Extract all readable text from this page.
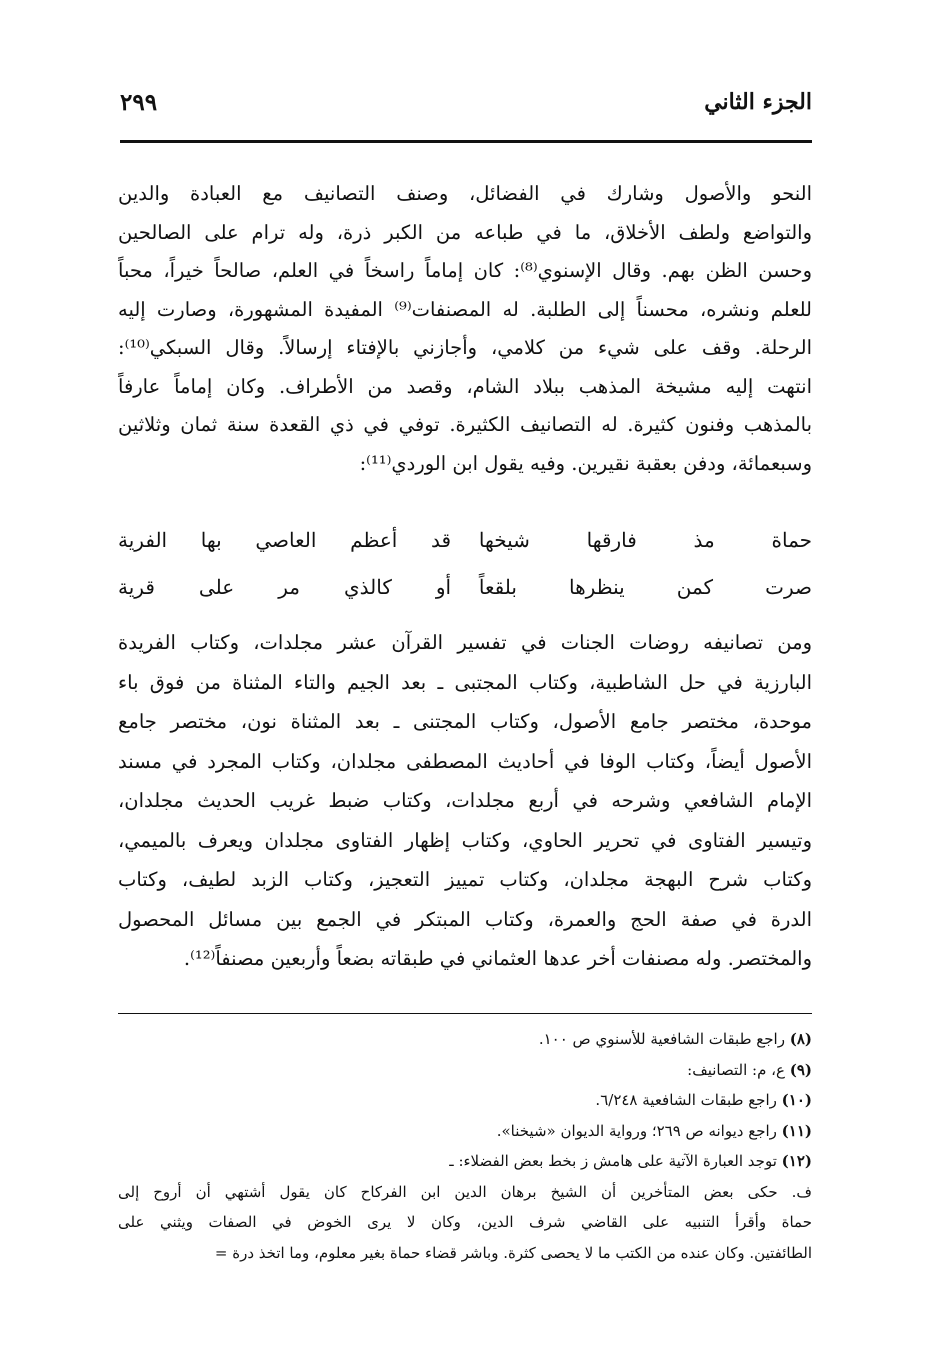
الجزء الثاني
٢٩٩
النحو والأصول وشارك في الفضائل، وصنف التصانيف مع العبادة والدين
والتواضع ولطف الأخلاق، ما في طباعه من الكبر ذرة، وله ترام على الصالحين
وحسن الظن بهم. وقال الإسنوي⁽⁸⁾: كان إماماً راسخاً في العلم، صالحاً خيراً، محباً
للعلم ونشره، محسناً إلى الطلبة. له المصنفات⁽⁹⁾ المفيدة المشهورة، وصارت إليه
الرحلة. وقف على شيء من كلامي، وأجازني بالإفتاء إرسالاً. وقال السبكي⁽¹⁰⁾:
انتهت إليه مشيخة المذهب ببلاد الشام، وقصد من الأطراف. وكان إماماً عارفاً
بالمذهب وفنون كثيرة. له التصانيف الكثيرة. توفي في ذي القعدة سنة ثمان وثلاثين
وسبعمائة، ودفن بعقبة نقيرين. وفيه يقول ابن الوردي⁽¹¹⁾:
حماة مذ فارقها شيخها
قد أعظم العاصي بها الفرية
صرت كمن ينظرها بلقعاً
أو كالذي مر على قرية
ومن تصانيفه روضات الجنات في تفسير القرآن عشر مجلدات، وكتاب الفريدة
البارزية في حل الشاطبية، وكتاب المجتبى ـ بعد الجيم والتاء المثناة من فوق باء
موحدة، مختصر جامع الأصول، وكتاب المجتنى ـ بعد المثناة نون، مختصر جامع
الأصول أيضاً، وكتاب الوفا في أحاديث المصطفى مجلدان، وكتاب المجرد في مسند
الإمام الشافعي وشرحه في أربع مجلدات، وكتاب ضبط غريب الحديث مجلدان،
وتيسير الفتاوى في تحرير الحاوي، وكتاب إظهار الفتاوى مجلدان ويعرف بالميمي،
وكتاب شرح البهجة مجلدان، وكتاب تمييز التعجيز، وكتاب الزبد لطيف، وكتاب
الدرة في صفة الحج والعمرة، وكتاب المبتكر في الجمع بين مسائل المحصول
والمختصر. وله مصنفات أخر عدها العثماني في طبقاته بضعاً وأربعين مصنفاً⁽¹²⁾.
(٨) راجع طبقات الشافعية للأسنوي ص ١٠٠.
(٩) ع، م: التصانيف:
(١٠) راجع طبقات الشافعية ٦/٢٤٨.
(١١) راجع ديوانه ص ٢٦٩؛ ورواية الديوان «شيخنا».
(١٢) توجد العبارة الآتية على هامش ز بخط بعض الفضلاء: ـ
ف. حكى بعض المتأخرين أن الشيخ برهان الدين ابن الفركاح كان يقول أشتهي أن أروح إلى
حماة وأقرأ التنبيه على القاضي شرف الدين، وكان لا يرى الخوض في الصفات ويثني على
الطائفتين. وكان عنده من الكتب ما لا يحصى كثرة. وباشر قضاء حماة بغير معلوم، وما اتخذ درة =
